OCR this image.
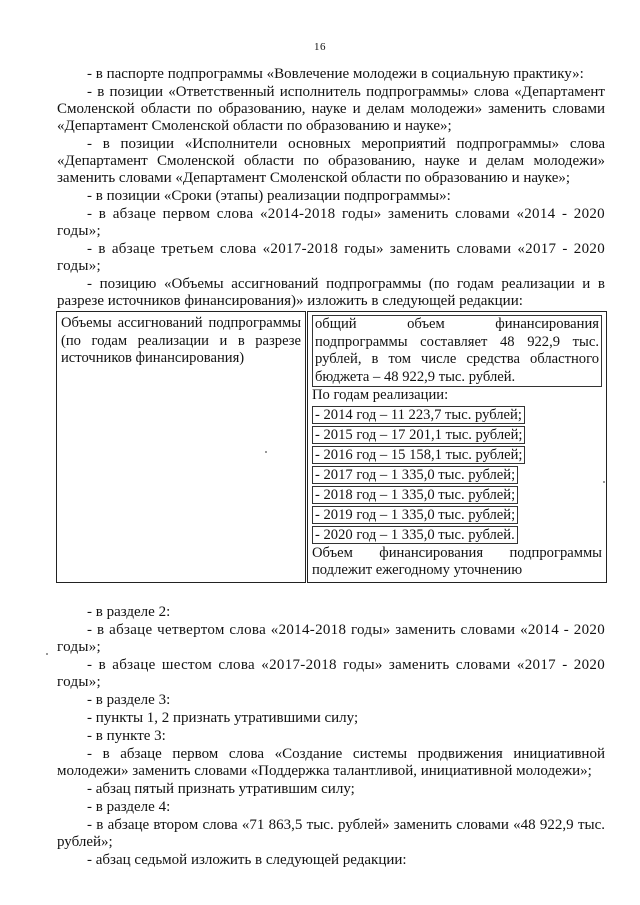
16

- в паспорте подпрограммы «Вовлечение молодежи в социальную практику»:

- в позиции «Ответственный исполнитель подпрограммы» слова «Департамент Смоленской области по образованию, науке и делам молодежи» заменить словами «Департамент Смоленской области по образованию и науке»;

- в позиции «Исполнители основных мероприятий подпрограммы» слова «Департамент Смоленской области по образованию, науке и делам молодежи» заменить словами «Департамент Смоленской области по образованию и науке»;

- в позиции «Сроки (этапы) реализации подпрограммы»:

- в абзаце первом слова «2014-2018 годы» заменить словами «2014 - 2020 годы»;

- в абзаце третьем слова «2017-2018 годы» заменить словами «2017 - 2020 годы»;

- позицию «Объемы ассигнований подпрограммы (по годам реализации и в разрезе источников финансирования)» изложить в следующей редакции:

Объемы ассигнований подпрограммы (по годам реализации и в разрезе источников финансирования)	общий объем финансирования подпрограммы составляет 48 922,9 тыс. рублей, в том числе средства областного бюджета – 48 922,9 тыс. рублей.
По годам реализации:
- 2014 год – 11 223,7 тыс. рублей;
- 2015 год – 17 201,1 тыс. рублей;
- 2016 год – 15 158,1 тыс. рублей;
- 2017 год – 1 335,0 тыс. рублей;
- 2018 год – 1 335,0 тыс. рублей;
- 2019 год – 1 335,0 тыс. рублей;
- 2020 год – 1 335,0 тыс. рублей.
Объем финансирования подпрограммы подлежит ежегодному уточнению

- в разделе 2:

- в абзаце четвертом слова «2014-2018 годы» заменить словами «2014 - 2020 годы»;

- в абзаце шестом слова «2017-2018 годы» заменить словами «2017 - 2020 годы»;

- в разделе 3:

- пункты 1, 2 признать утратившими силу;

- в пункте 3:

- в абзаце первом слова «Создание системы продвижения инициативной молодежи» заменить словами «Поддержка талантливой, инициативной молодежи»;

- абзац пятый признать утратившим силу;

- в разделе 4:

- в абзаце втором слова «71 863,5 тыс. рублей» заменить словами «48 922,9 тыс. рублей»;

- абзац седьмой изложить в следующей редакции:
